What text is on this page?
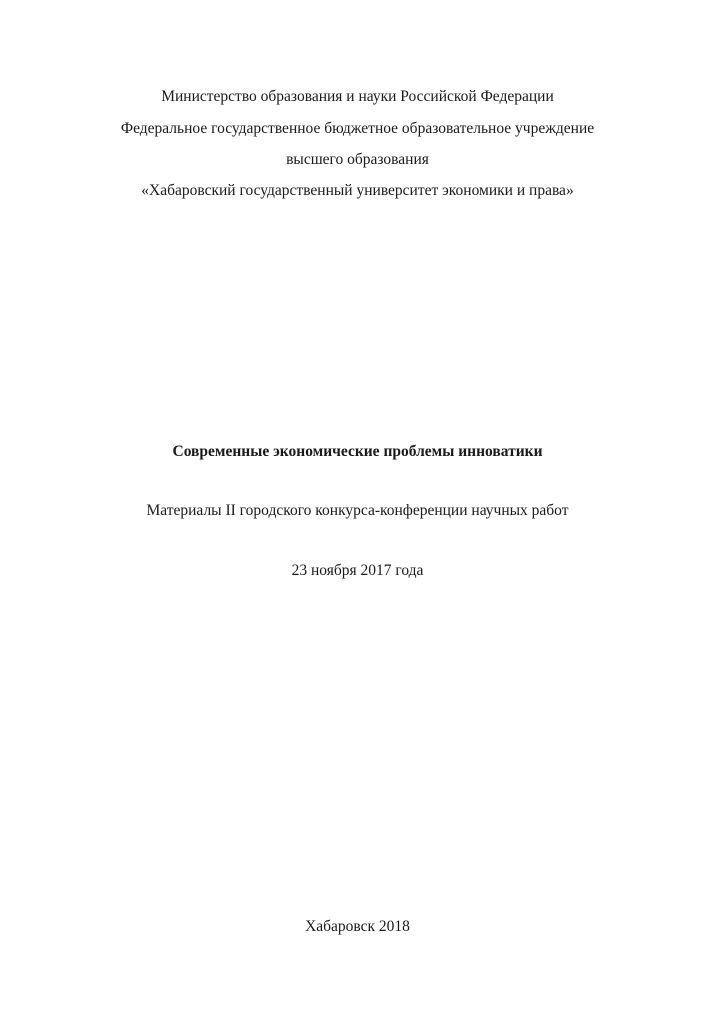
Министерство образования и науки Российской Федерации
Федеральное государственное бюджетное образовательное учреждение
высшего образования
«Хабаровский государственный университет экономики и права»
Современные экономические проблемы инноватики
Материалы II городского конкурса-конференции научных работ
23 ноября 2017 года
Хабаровск 2018
